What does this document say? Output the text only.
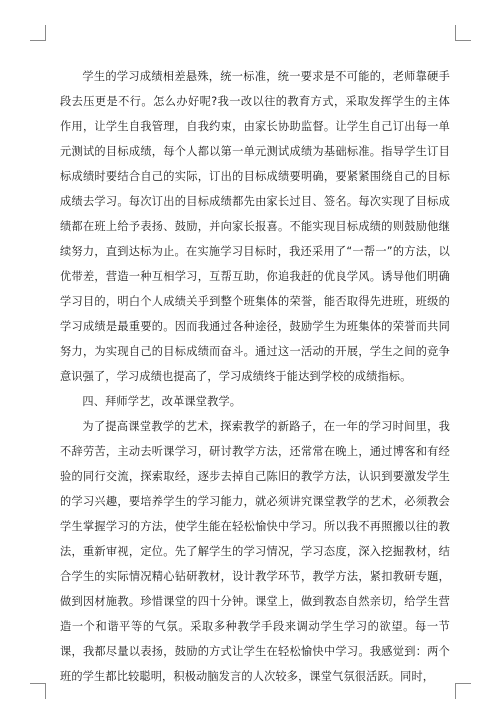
学生的学习成绩相差悬殊，统一标准，统一要求是不可能的，老师靠硬手段去压更是不行。怎么办好呢?我一改以往的教育方式，采取发挥学生的主体作用，让学生自我管理，自我约束，由家长协助监督。让学生自己订出每一单元测试的目标成绩，每个人都以第一单元测试成绩为基础标准。指导学生订目标成绩时要结合自己的实际，订出的目标成绩要明确，要紧紧围绕自己的目标成绩去学习。每次订出的目标成绩都先由家长过目、签名。每次实现了目标成绩都在班上给予表扬、鼓励，并向家长报喜。不能实现目标成绩的则鼓励他继续努力，直到达标为止。在实施学习目标时，我还采用了“一帮一”的方法，以优带差，营造一种互相学习，互帮互助，你追我赶的优良学风。诱导他们明确学习目的，明白个人成绩关乎到整个班集体的荣誉，能否取得先进班，班级的学习成绩是最重要的。因而我通过各种途径，鼓励学生为班集体的荣誉而共同努力，为实现自己的目标成绩而奋斗。通过这一活动的开展，学生之间的竞争意识强了，学习成绩也提高了，学习成绩终于能达到学校的成绩指标。

四、拜师学艺，改革课堂教学。

为了提高课堂教学的艺术，探索教学的新路子，在一年的学习时间里，我不辞劳苦，主动去听课学习，研讨教学方法，还常常在晚上，通过博客和有经验的同行交流，探索取经，逐步去掉自己陈旧的教学方法，认识到要激发学生的学习兴趣，要培养学生的学习能力，就必须讲究课堂教学的艺术，必须教会学生掌握学习的方法，使学生能在轻松愉快中学习。所以我不再照搬以往的教法，重新审视，定位。先了解学生的学习情况，学习态度，深入挖掘教材，结合学生的实际情况精心钻研教材，设计教学环节，教学方法，紧扣教研专题，做到因材施教。珍惜课堂的四十分钟。课堂上，做到教态自然亲切，给学生营造一个和谐平等的气氛。采取多种教学手段来调动学生学习的欲望。每一节课，我都尽量以表扬，鼓励的方式让学生在轻松愉快中学习。我感觉到：两个班的学生都比较聪明，积极动脑发言的人次较多，课堂气氛很活跃。同时，
